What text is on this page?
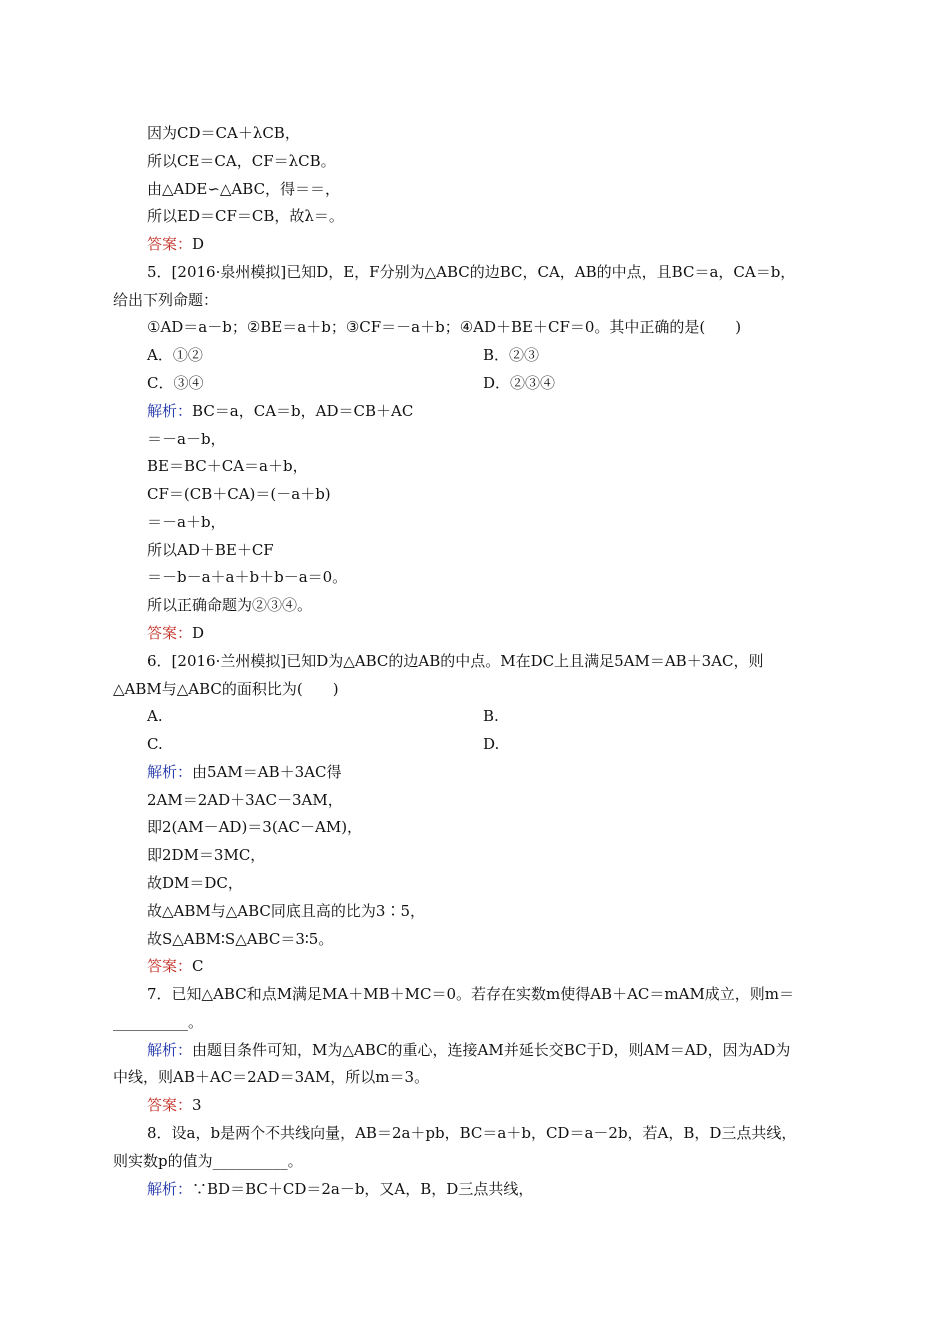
因为CD＝CA＋λCB，
所以CE＝CA，CF＝λCB。
由△ADE∽△ABC，得＝＝，
所以ED＝CF＝CB，故λ＝。
答案：D
5．[2016·泉州模拟]已知D，E，F分别为△ABC的边BC，CA，AB的中点，且BC＝a，CA＝b，
给出下列命题：
①AD＝a－b；②BE＝a＋b；③CF＝－a＋b；④AD＋BE＋CF＝0。其中正确的是(　　)
A．①②	B．②③
C．③④	D．②③④
解析：BC＝a，CA＝b，AD＝CB＋AC
＝－a－b，
BE＝BC＋CA＝a＋b，
CF＝(CB＋CA)＝(－a＋b)
＝－a＋b，
所以AD＋BE＋CF
＝－b－a＋a＋b＋b－a＝0。
所以正确命题为②③④。
答案：D
6．[2016·兰州模拟]已知D为△ABC的边AB的中点。M在DC上且满足5AM＝AB＋3AC，则
△ABM与△ABC的面积比为(　　)
A.	B.
C.	D.
解析：由5AM＝AB＋3AC得
2AM＝2AD＋3AC－3AM，
即2(AM－AD)＝3(AC－AM)，
即2DM＝3MC，
故DM＝DC，
故△ABM与△ABC同底且高的比为3∶5，
故S△ABM∶S△ABC＝3∶5。
答案：C
7．已知△ABC和点M满足MA＋MB＋MC＝0。若存在实数m使得AB＋AC＝mAM成立，则m＝
__________。
解析：由题目条件可知，M为△ABC的重心，连接AM并延长交BC于D，则AM＝AD，因为AD为
中线，则AB＋AC＝2AD＝3AM，所以m＝3。
答案：3
8．设a，b是两个不共线向量，AB＝2a＋pb，BC＝a＋b，CD＝a－2b，若A，B，D三点共线，
则实数p的值为__________。
解析：∵BD＝BC＋CD＝2a－b，又A，B，D三点共线，
